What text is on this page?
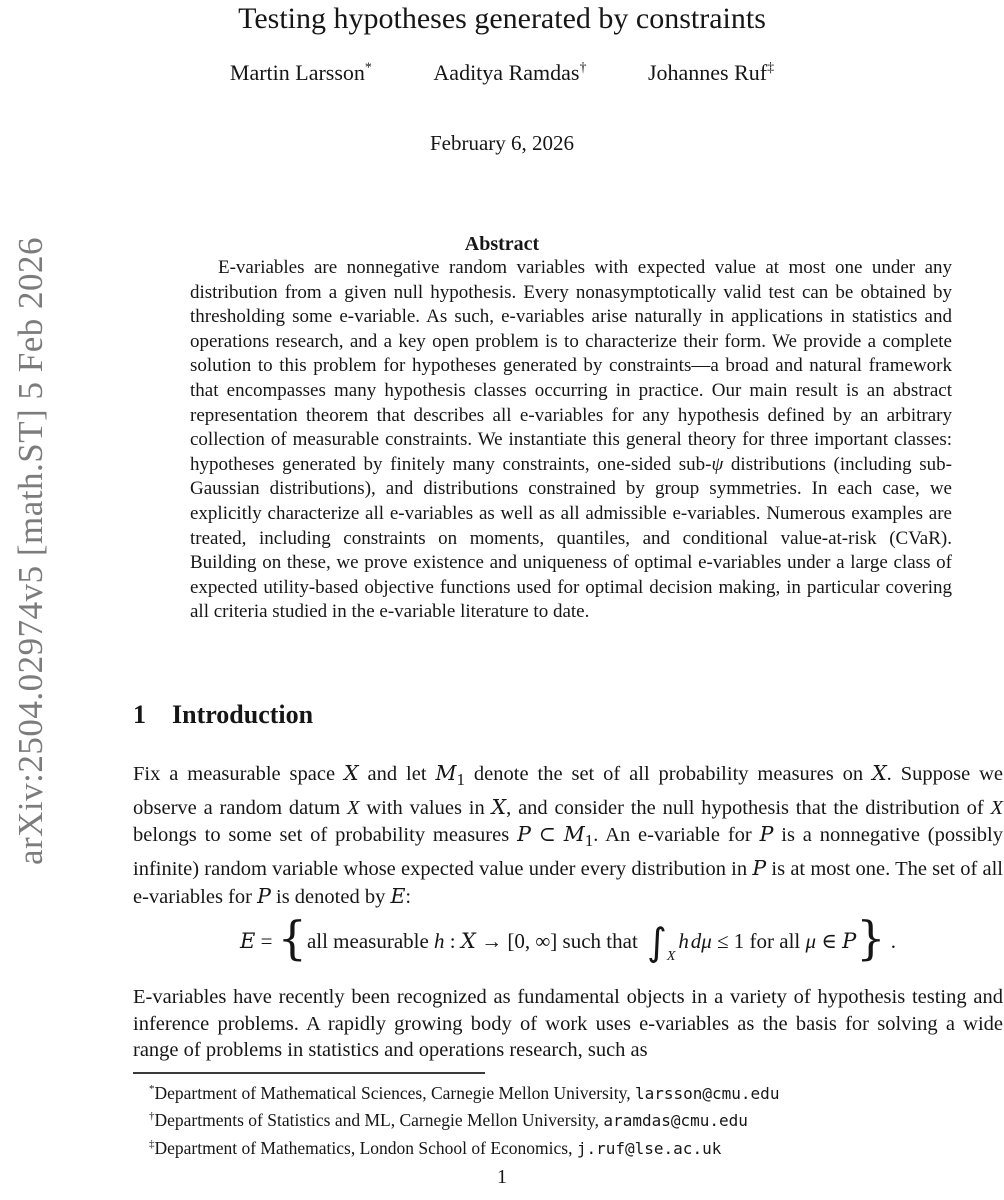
arXiv:2504.02974v5 [math.ST] 5 Feb 2026
Testing hypotheses generated by constraints
Martin Larsson*	Aaditya Ramdas†	Johannes Ruf‡
February 6, 2026
Abstract

E-variables are nonnegative random variables with expected value at most one under any distribution from a given null hypothesis. Every nonasymptotically valid test can be obtained by thresholding some e-variable. As such, e-variables arise naturally in applications in statistics and operations research, and a key open problem is to characterize their form. We provide a complete solution to this problem for hypotheses generated by constraints—a broad and natural framework that encompasses many hypothesis classes occurring in practice. Our main result is an abstract representation theorem that describes all e-variables for any hypothesis defined by an arbitrary collection of measurable constraints. We instantiate this general theory for three important classes: hypotheses generated by finitely many constraints, one-sided sub-ψ distributions (including sub-Gaussian distributions), and distributions constrained by group symmetries. In each case, we explicitly characterize all e-variables as well as all admissible e-variables. Numerous examples are treated, including constraints on moments, quantiles, and conditional value-at-risk (CVaR). Building on these, we prove existence and uniqueness of optimal e-variables under a large class of expected utility-based objective functions used for optimal decision making, in particular covering all criteria studied in the e-variable literature to date.

1 Introduction

Fix a measurable space X and let $M_1$ denote the set of all probability measures on X. Suppose we observe a random datum X with values in X, and consider the null hypothesis that the distribution of X belongs to some set of probability measures P ⊂ $M_1$. An e-variable for P is a nonnegative (possibly infinite) random variable whose expected value under every distribution in P is at most one. The set of all e-variables for P is denoted by E:

E = {all measurable h : X → [0, ∞] such that $\int_Xh$ dμ ≤ 1 for all μ ∈ P} .

E-variables have recently been recognized as fundamental objects in a variety of hypothesis testing and inference problems. A rapidly growing body of work uses e-variables as the basis for solving a wide range of problems in statistics and operations research, such as

*Department of Mathematical Sciences, Carnegie Mellon University, larsson@cmu.edu

†Departments of Statistics and ML, Carnegie Mellon University, aramdas@cmu.edu

‡Department of Mathematics, London School of Economics, j.ruf@lse.ac.uk

1
